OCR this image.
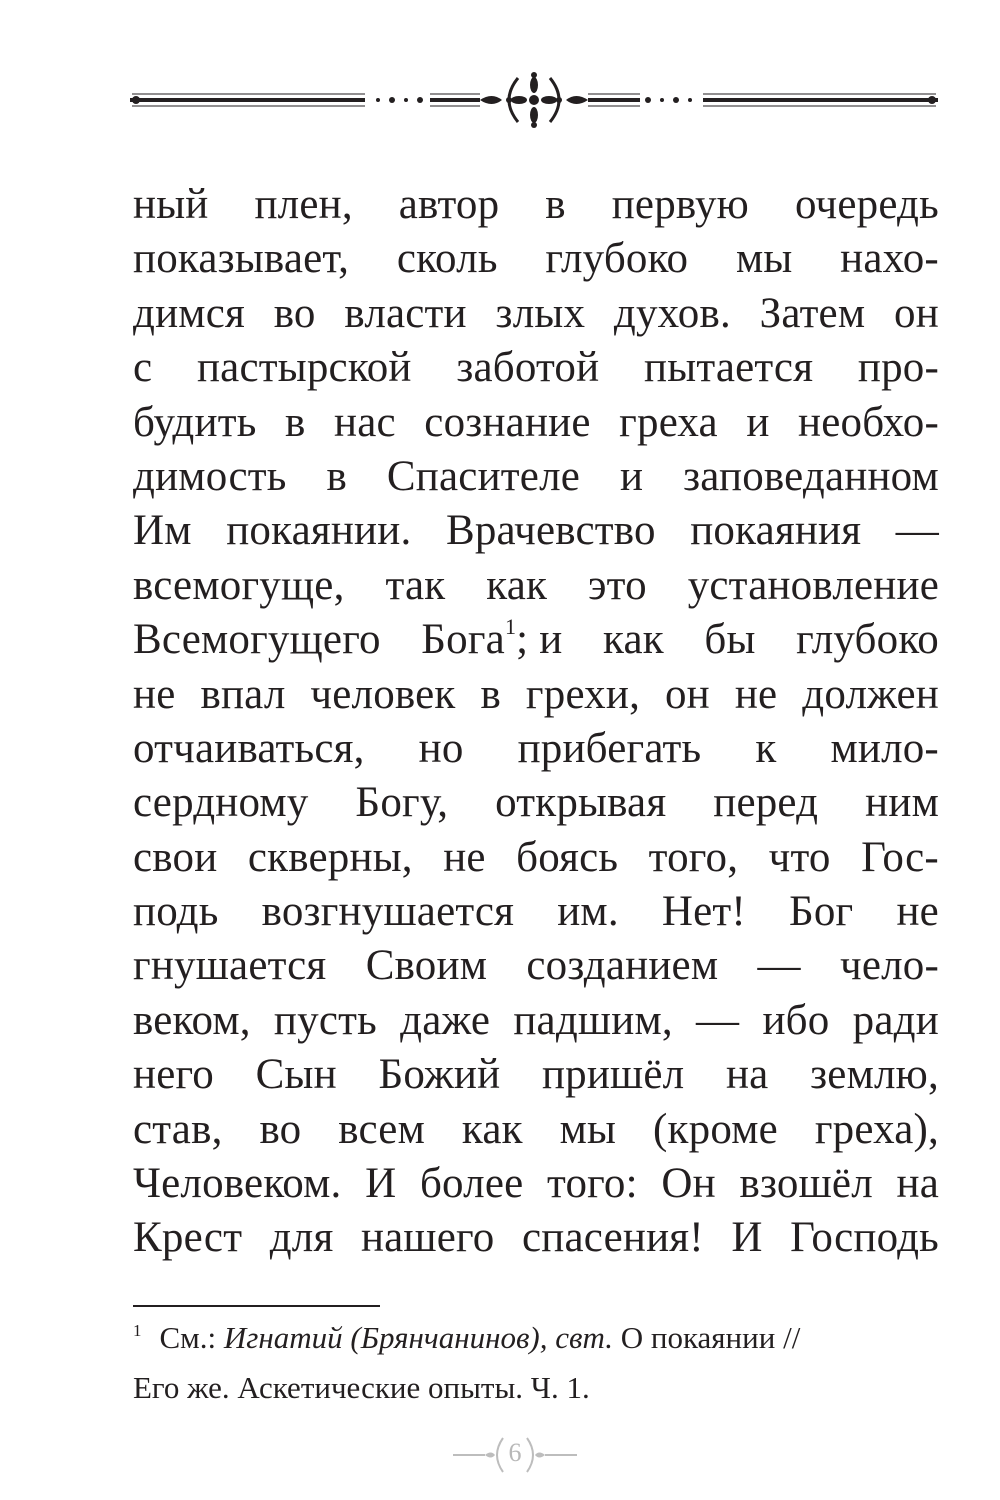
ный плен, автор в первую очередь
показывает, сколь глубоко мы нахо-
димся во власти злых духов. Затем он
с пастырской заботой пытается про-
будить в нас сознание греха и необхо-
димость в Спасителе и заповеданном
Им покаянии. Врачевство покаяния —
всемогуще, так как это установление
Всемогущего Бога$^1$; и как бы глубоко
не впал человек в грехи, он не должен
отчаиваться, но прибегать к мило-
сердному Богу, открывая перед ним
свои скверны, не боясь того, что Гос-
подь возгнушается им. Нет! Бог не
гнушается Своим созданием — чело-
веком, пусть даже падшим, — ибо ради
него Сын Божий пришёл на землю,
став, во всем как мы (кроме греха),
Человеком. И более того: Он взошёл на
Крест для нашего спасения! И Господь
$^1$ См.: Игнатий (Брянчанинов), свт. О покаянии //
Его же. Аскетические опыты. Ч. 1.
6
